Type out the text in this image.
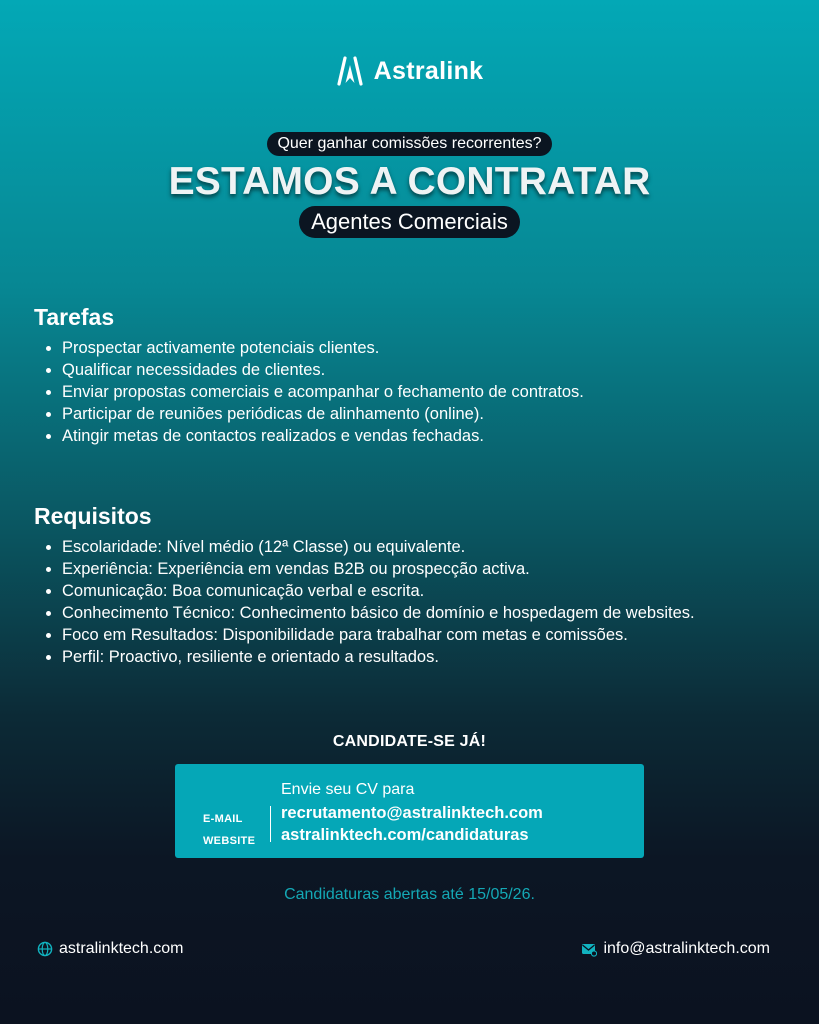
Astralink
Quer ganhar comissões recorrentes?
ESTAMOS A CONTRATAR
Agentes Comerciais
Tarefas
• Prospectar activamente potenciais clientes.
• Qualificar necessidades de clientes.
• Enviar propostas comerciais e acompanhar o fechamento de contratos.
• Participar de reuniões periódicas de alinhamento (online).
• Atingir metas de contactos realizados e vendas fechadas.
Requisitos
• Escolaridade: Nível médio (12ª Classe) ou equivalente.
• Experiência: Experiência em vendas B2B ou prospecção activa.
• Comunicação: Boa comunicação verbal e escrita.
• Conhecimento Técnico: Conhecimento básico de domínio e hospedagem de websites.
• Foco em Resultados: Disponibilidade para trabalhar com metas e comissões.
• Perfil: Proactivo, resiliente e orientado a resultados.
CANDIDATE-SE JÁ!
Envie seu CV para
E-MAIL
WEBSITE
recrutamento@astralinktech.com
astralinktech.com/candidaturas
Candidaturas abertas até 15/05/26.
astralinktech.com	info@astralinktech.com
